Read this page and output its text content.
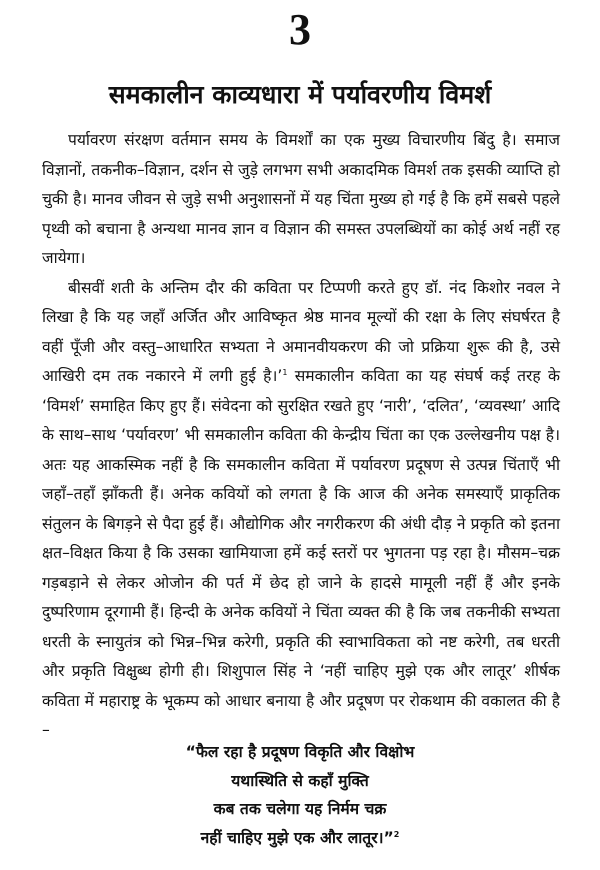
3
समकालीन काव्यधारा में पर्यावरणीय विमर्श

पर्यावरण संरक्षण वर्तमान समय के विमर्शों का एक मुख्य विचारणीय बिंदु है। समाज विज्ञानों, तकनीक–विज्ञान, दर्शन से जुड़े लगभग सभी अकादमिक विमर्श तक इसकी व्याप्ति हो चुकी है। मानव जीवन से जुड़े सभी अनुशासनों में यह चिंता मुख्य हो गई है कि हमें सबसे पहले पृथ्वी को बचाना है अन्यथा मानव ज्ञान व विज्ञान की समस्त उपलब्धियों का कोई अर्थ नहीं रह जायेगा।

बीसवीं शती के अन्तिम दौर की कविता पर टिप्पणी करते हुए डॉ. नंद किशोर नवल ने लिखा है कि यह जहाँ अर्जित और आविष्कृत श्रेष्ठ मानव मूल्यों की रक्षा के लिए संघर्षरत है वहीं पूँजी और वस्तु–आधारित सभ्यता ने अमानवीयकरण की जो प्रक्रिया शुरू की है, उसे आखिरी दम तक नकारने में लगी हुई है।’$^1$ समकालीन कविता का यह संघर्ष कई तरह के ‘विमर्श’ समाहित किए हुए हैं। संवेदना को सुरक्षित रखते हुए ‘नारी’, ‘दलित’, ‘व्यवस्था’ आदि के साथ–साथ ‘पर्यावरण’ भी समकालीन कविता की केन्द्रीय चिंता का एक उल्लेखनीय पक्ष है। अतः यह आकस्मिक नहीं है कि समकालीन कविता में पर्यावरण प्रदूषण से उत्पन्न चिंताएँ भी जहाँ–तहाँ झाँकती हैं। अनेक कवियों को लगता है कि आज की अनेक समस्याएँ प्राकृतिक संतुलन के बिगड़ने से पैदा हुई हैं। औद्योगिक और नगरीकरण की अंधी दौड़ ने प्रकृति को इतना क्षत–विक्षत किया है कि उसका खामियाजा हमें कई स्तरों पर भुगतना पड़ रहा है। मौसम–चक्र गड़बड़ाने से लेकर ओजोन की पर्त में छेद हो जाने के हादसे मामूली नहीं हैं और इनके दुष्परिणाम दूरगामी हैं। हिन्दी के अनेक कवियों ने चिंता व्यक्त की है कि जब तकनीकी सभ्यता धरती के स्नायुतंत्र को भिन्न–भिन्न करेगी, प्रकृति की स्वाभाविकता को नष्ट करेगी, तब धरती और प्रकृति विक्षुब्ध होगी ही। शिशुपाल सिंह ने ‘नहीं चाहिए मुझे एक और लातूर’ शीर्षक कविता में महाराष्ट्र के भूकम्प को आधार बनाया है और प्रदूषण पर रोकथाम की वकालत की है –

“फैल रहा है प्रदूषण विकृति और विक्षोभ
यथास्थिति से कहाँ मुक्ति
कब तक चलेगा यह निर्मम चक्र
नहीं चाहिए मुझे एक और लातूर।”$^2$
